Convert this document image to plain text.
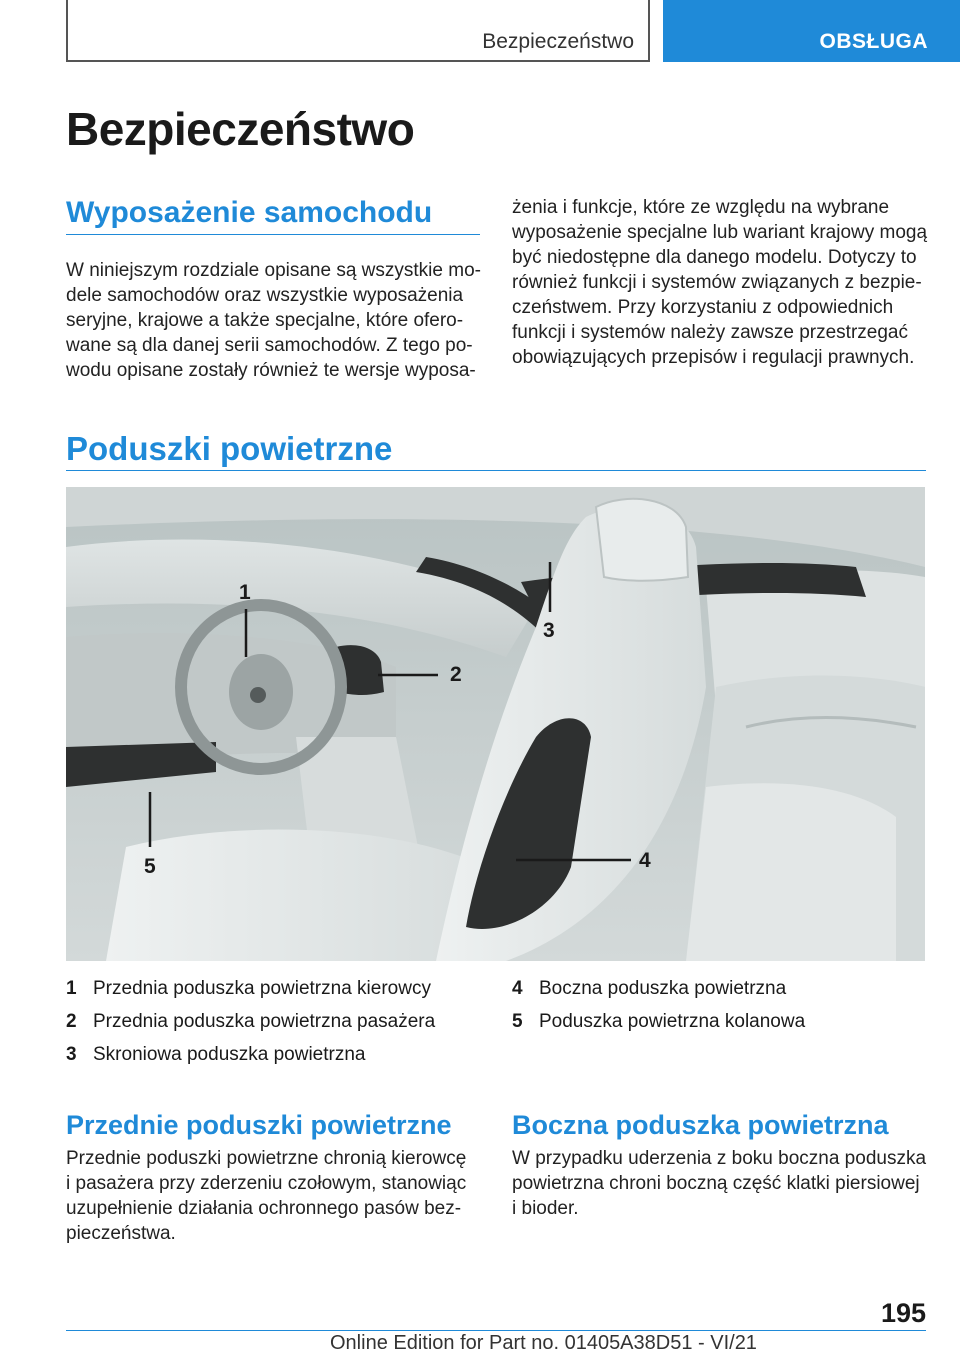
Bezpieczeństwo	OBSŁUGA
Bezpieczeństwo
Wyposażenie samochodu

W niniejszym rozdziale opisane są wszystkie mo‐
dele samochodów oraz wszystkie wyposażenia
seryjne, krajowe a także specjalne, które ofero‐
wane są dla danej serii samochodów. Z tego po‐
wodu opisane zostały również te wersje wyposa‐

żenia i funkcje, które ze względu na wybrane
wyposażenie specjalne lub wariant krajowy mogą
być niedostępne dla danego modelu. Dotyczy to
również funkcji i systemów związanych z bezpie‐
czeństwem. Przy korzystaniu z odpowiednich
funkcji i systemów należy zawsze przestrzegać
obowiązujących przepisów i regulacji prawnych.

Poduszki powietrzne
1
2
3
4
5
1 Przednia poduszka powietrzna kierowcy
2 Przednia poduszka powietrzna pasażera
3 Skroniowa poduszka powietrzna
4 Boczna poduszka powietrzna
5 Poduszka powietrzna kolanowa
Przednie poduszki powietrzne

Przednie poduszki powietrzne chronią kierowcę
i pasażera przy zderzeniu czołowym, stanowiąc
uzupełnienie działania ochronnego pasów bez‐
pieczeństwa.

Boczna poduszka powietrzna

W przypadku uderzenia z boku boczna poduszka
powietrzna chroni boczną część klatki piersiowej
i bioder.

195
Online Edition for Part no. 01405A38D51 - VI/21
